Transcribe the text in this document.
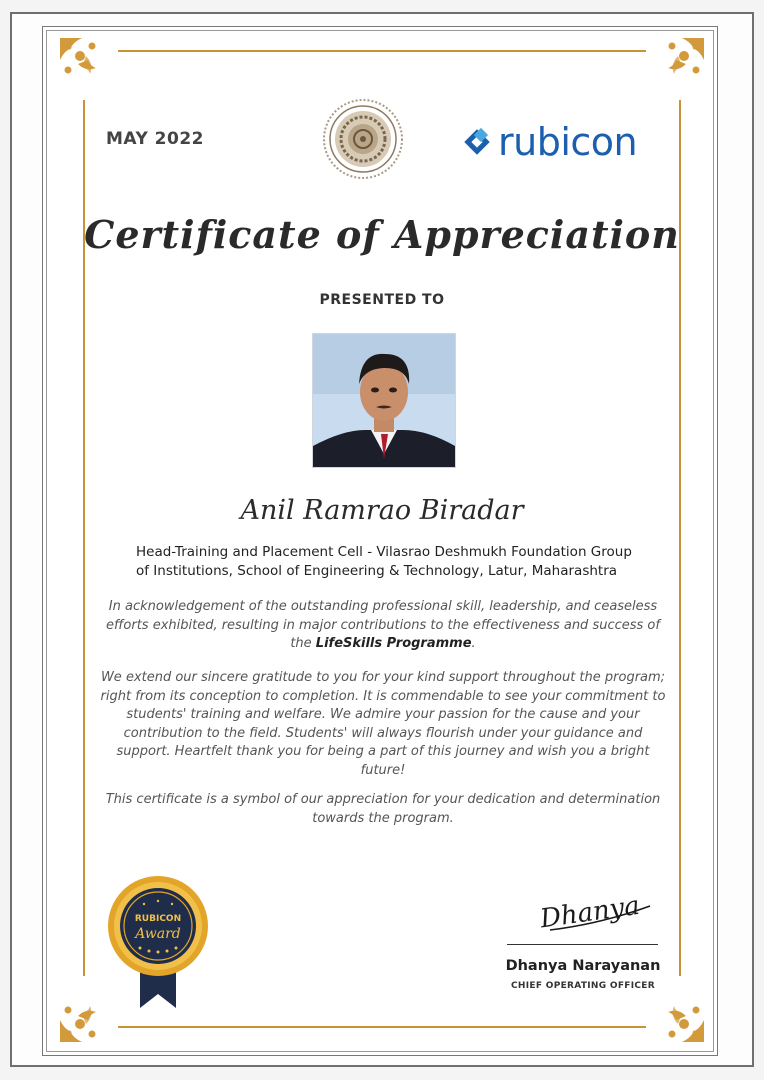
MAY 2022	rubicon
Certificate of Appreciation
PRESENTED TO
Anil Ramrao Biradar
Head-Training and Placement Cell - Vilasrao Deshmukh Foundation Group of Institutions, School of Engineering & Technology, Latur, Maharashtra
In acknowledgement of the outstanding professional skill, leadership, and ceaseless efforts exhibited, resulting in major contributions to the effectiveness and success of the LifeSkills Programme.
We extend our sincere gratitude to you for your kind support throughout the program; right from its conception to completion. It is commendable to see your commitment to students' training and welfare. We admire your passion for the cause and your contribution to the field. Students' will always flourish under your guidance and support. Heartfelt thank you for being a part of this journey and wish you a bright future!
This certificate is a symbol of our appreciation for your dedication and determination towards the program.
RUBICON
Award	Dhanya
Dhanya Narayanan
CHIEF OPERATING OFFICER
